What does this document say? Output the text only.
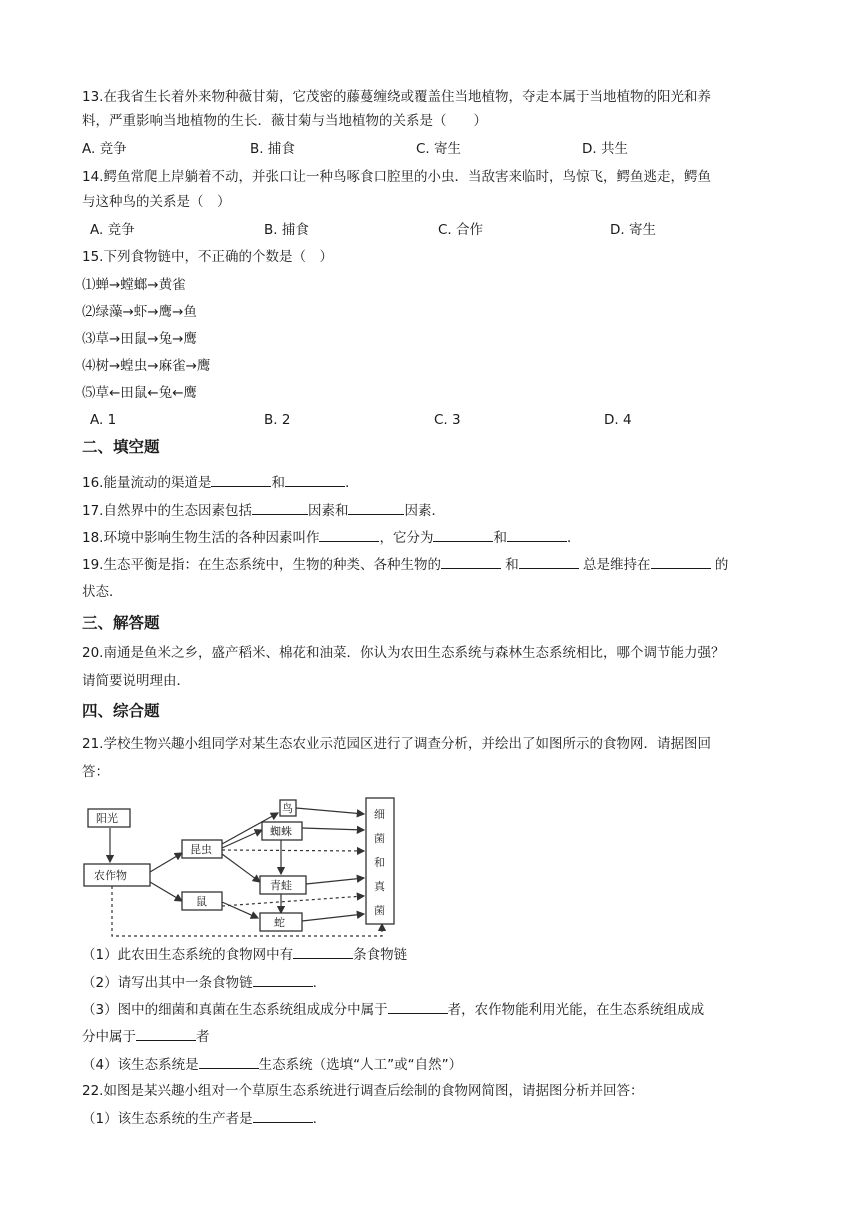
13.在我省生长着外来物种薇甘菊，它茂密的藤蔓缠绕或覆盖住当地植物，夺走本属于当地植物的阳光和养
料，严重影响当地植物的生长．薇甘菊与当地植物的关系是（　　）
A. 竞争	B. 捕食	C. 寄生	D. 共生
14.鳄鱼常爬上岸躺着不动，并张口让一种鸟啄食口腔里的小虫．当敌害来临时，鸟惊飞，鳄鱼逃走，鳄鱼
与这种鸟的关系是（　）
A. 竞争	B. 捕食	C. 合作	D. 寄生
15.下列食物链中，不正确的个数是（　）
⑴蝉→螳螂→黄雀
⑵绿藻→虾→鹰→鱼
⑶草→田鼠→兔→鹰
⑷树→蝗虫→麻雀→鹰
⑸草←田鼠←兔←鹰
A. 1	B. 2	C. 3	D. 4
二、填空题
16.能量流动的渠道是	和	.
17.自然界中的生态因素包括	因素和	因素．
18.环境中影响生物生活的各种因素叫作	，它分为	和	．
19.生态平衡是指：在生态系统中，生物的种类、各种生物的	和	总是维持在	的
状态．
三、解答题
20.南通是鱼米之乡，盛产稻米、棉花和油菜．你认为农田生态系统与森林生态系统相比，哪个调节能力强？
请简要说明理由．
四、综合题
21.学校生物兴趣小组同学对某生态农业示范园区进行了调查分析，并绘出了如图所示的食物网．请据图回
答：
阳光
农作物
昆虫
鼠
鸟
蜘蛛
青蛙
蛇
细
菌
和
真
菌
（1）此农田生态系统的食物网中有	条食物链
（2）请写出其中一条食物链	.
（3）图中的细菌和真菌在生态系统组成成分中属于	者，农作物能利用光能，在生态系统组成成
分中属于	者
（4）该生态系统是	生态系统（选填“人工”或“自然”）
22.如图是某兴趣小组对一个草原生态系统进行调查后绘制的食物网简图，请据图分析并回答：
（1）该生态系统的生产者是	.
